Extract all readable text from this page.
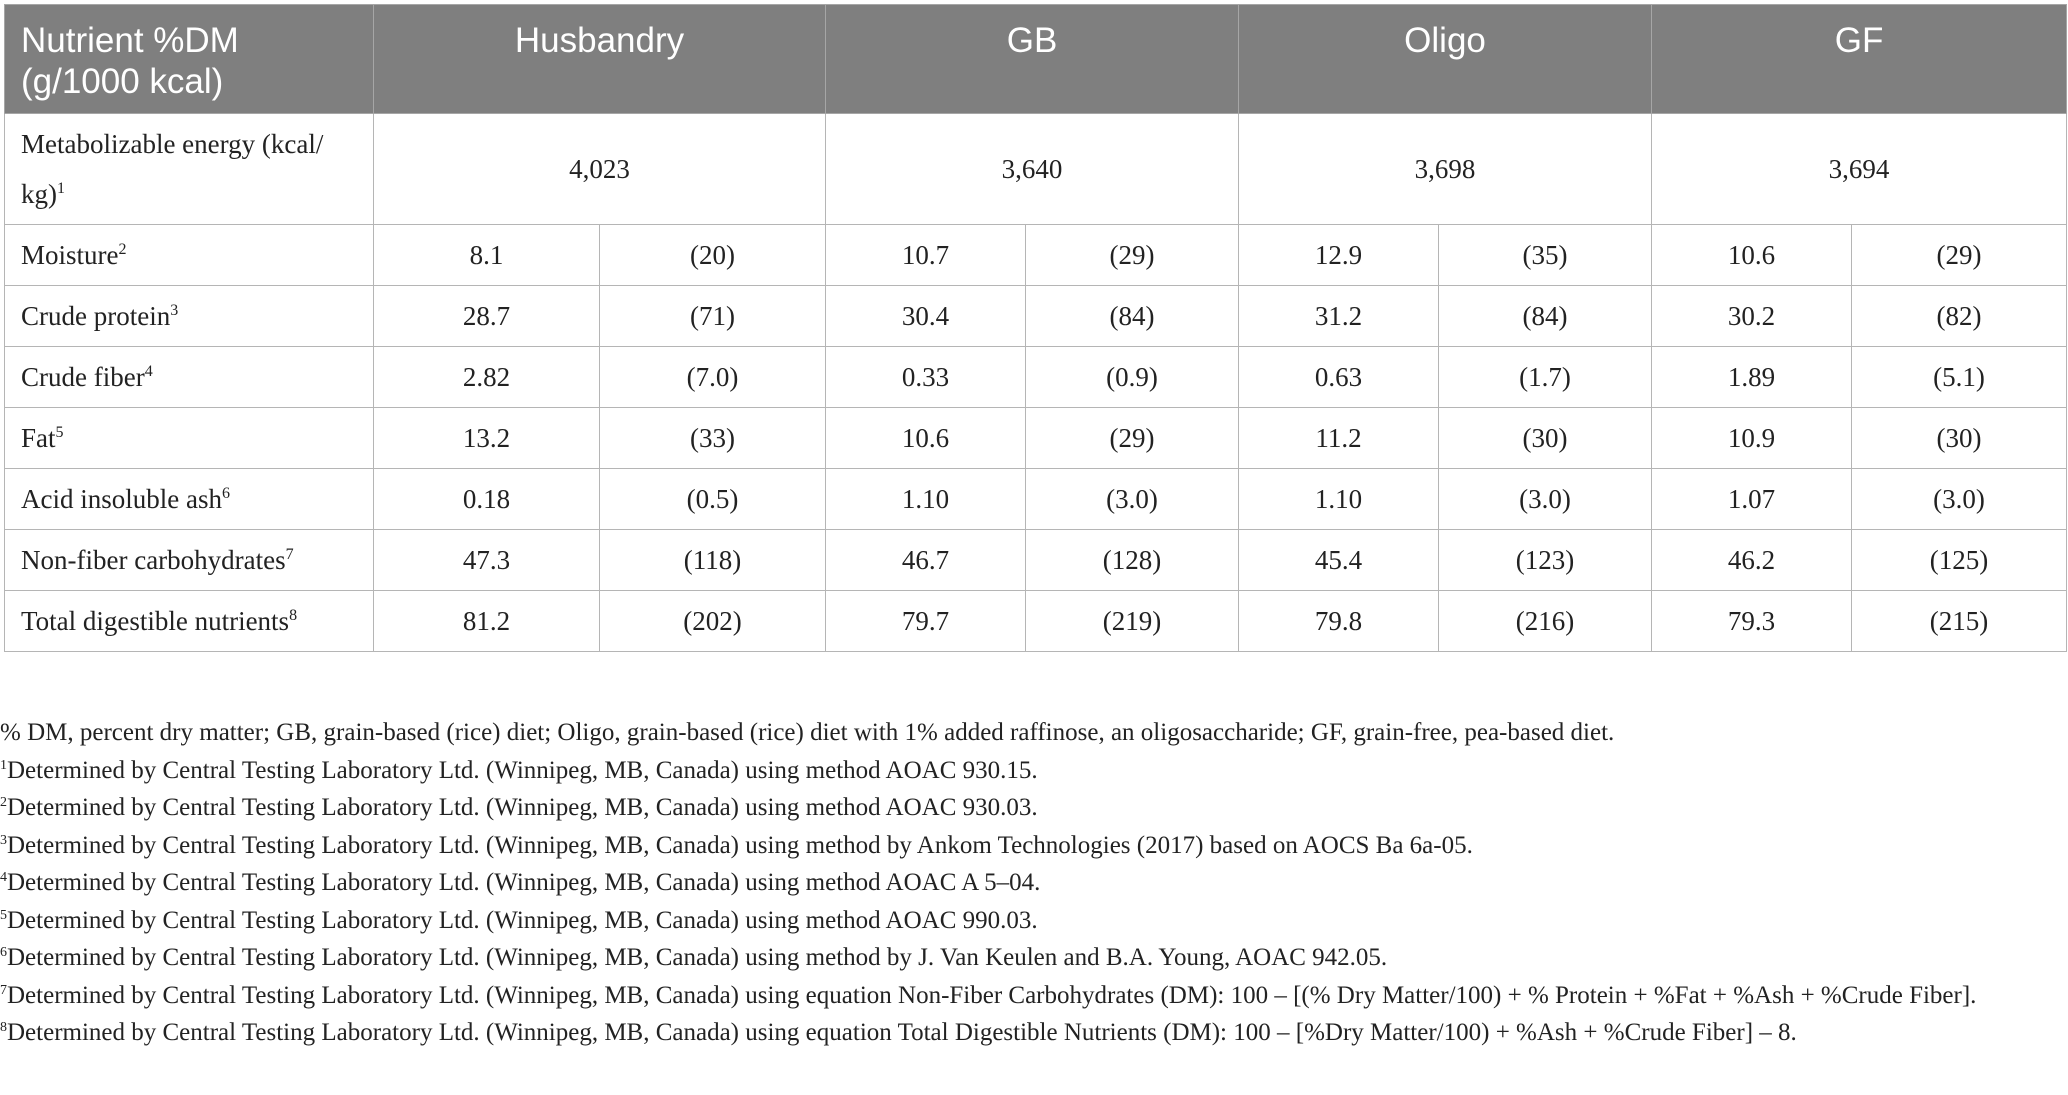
Nutrient %DM
(g/1000 kcal)	Husbandry		GB		Oligo		GF	
Metabolizable energy (kcal/
kg)$^1$	4,023		3,640		3,698		3,694	
Moisture$^2$	8.1	(20)	10.7	(29)	12.9	(35)	10.6	(29)
Crude protein$^3$	28.7	(71)	30.4	(84)	31.2	(84)	30.2	(82)
Crude fiber$^4$	2.82	(7.0)	0.33	(0.9)	0.63	(1.7)	1.89	(5.1)
Fat$^5$	13.2	(33)	10.6	(29)	11.2	(30)	10.9	(30)
Acid insoluble ash$^6$	0.18	(0.5)	1.10	(3.0)	1.10	(3.0)	1.07	(3.0)
Non-fiber carbohydrates$^7$	47.3	(118)	46.7	(128)	45.4	(123)	46.2	(125)
Total digestible nutrients$^8$	81.2	(202)	79.7	(219)	79.8	(216)	79.3	(215)

% DM, percent dry matter; GB, grain-based (rice) diet; Oligo, grain-based (rice) diet with 1% added raffinose, an oligosaccharide; GF, grain-free, pea-based diet.

$^1$Determined by Central Testing Laboratory Ltd. (Winnipeg, MB, Canada) using method AOAC 930.15.

$^2$Determined by Central Testing Laboratory Ltd. (Winnipeg, MB, Canada) using method AOAC 930.03.

$^3$Determined by Central Testing Laboratory Ltd. (Winnipeg, MB, Canada) using method by Ankom Technologies (2017) based on AOCS Ba 6a-05.

$^4$Determined by Central Testing Laboratory Ltd. (Winnipeg, MB, Canada) using method AOAC A 5–04.

$^5$Determined by Central Testing Laboratory Ltd. (Winnipeg, MB, Canada) using method AOAC 990.03.

$^6$Determined by Central Testing Laboratory Ltd. (Winnipeg, MB, Canada) using method by J. Van Keulen and B.A. Young, AOAC 942.05.

$^7$Determined by Central Testing Laboratory Ltd. (Winnipeg, MB, Canada) using equation Non-Fiber Carbohydrates (DM): 100 – [(% Dry Matter/100) + % Protein + %Fat + %Ash + %Crude Fiber].

$^8$Determined by Central Testing Laboratory Ltd. (Winnipeg, MB, Canada) using equation Total Digestible Nutrients (DM): 100 – [%Dry Matter/100) + %Ash + %Crude Fiber] – 8.
